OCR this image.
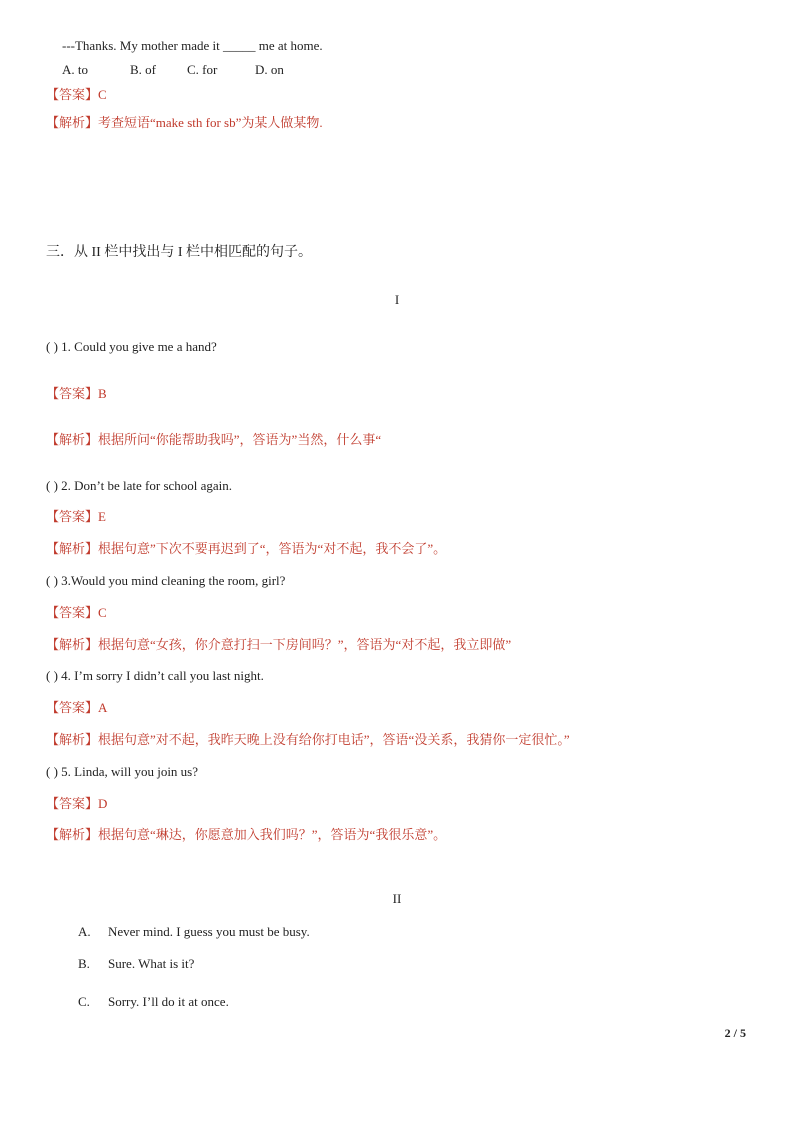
---Thanks. My mother made it _____ me at home.
A. to	B. of C. for	D. on
【答案】C
【解析】考查短语“make sth for sb”为某人做某物.
三．从 II 栏中找出与 I 栏中相匹配的句子。
I
( ) 1. Could you give me a hand?
【答案】B
【解析】根据所问“你能帮助我吗”，答语为”当然，什么事“
( ) 2. Don’t be late for school again.
【答案】E
【解析】根据句意”下次不要再迟到了“，答语为“对不起，我不会了”。
( ) 3.Would you mind cleaning the room, girl?
【答案】C
【解析】根据句意“女孩，你介意打扫一下房间吗？”，答语为“对不起，我立即做”
( ) 4. I’m sorry I didn’t call you last night.
【答案】A
【解析】根据句意”对不起，我昨天晚上没有给你打电话”，答语“没关系，我猜你一定很忙。”
( ) 5. Linda, will you join us?
【答案】D
【解析】根据句意“琳达，你愿意加入我们吗？”，答语为“我很乐意”。
II
A. Never mind. I guess you must be busy.
B. Sure. What is it?
C. Sorry. I’ll do it at once.
2 / 5
